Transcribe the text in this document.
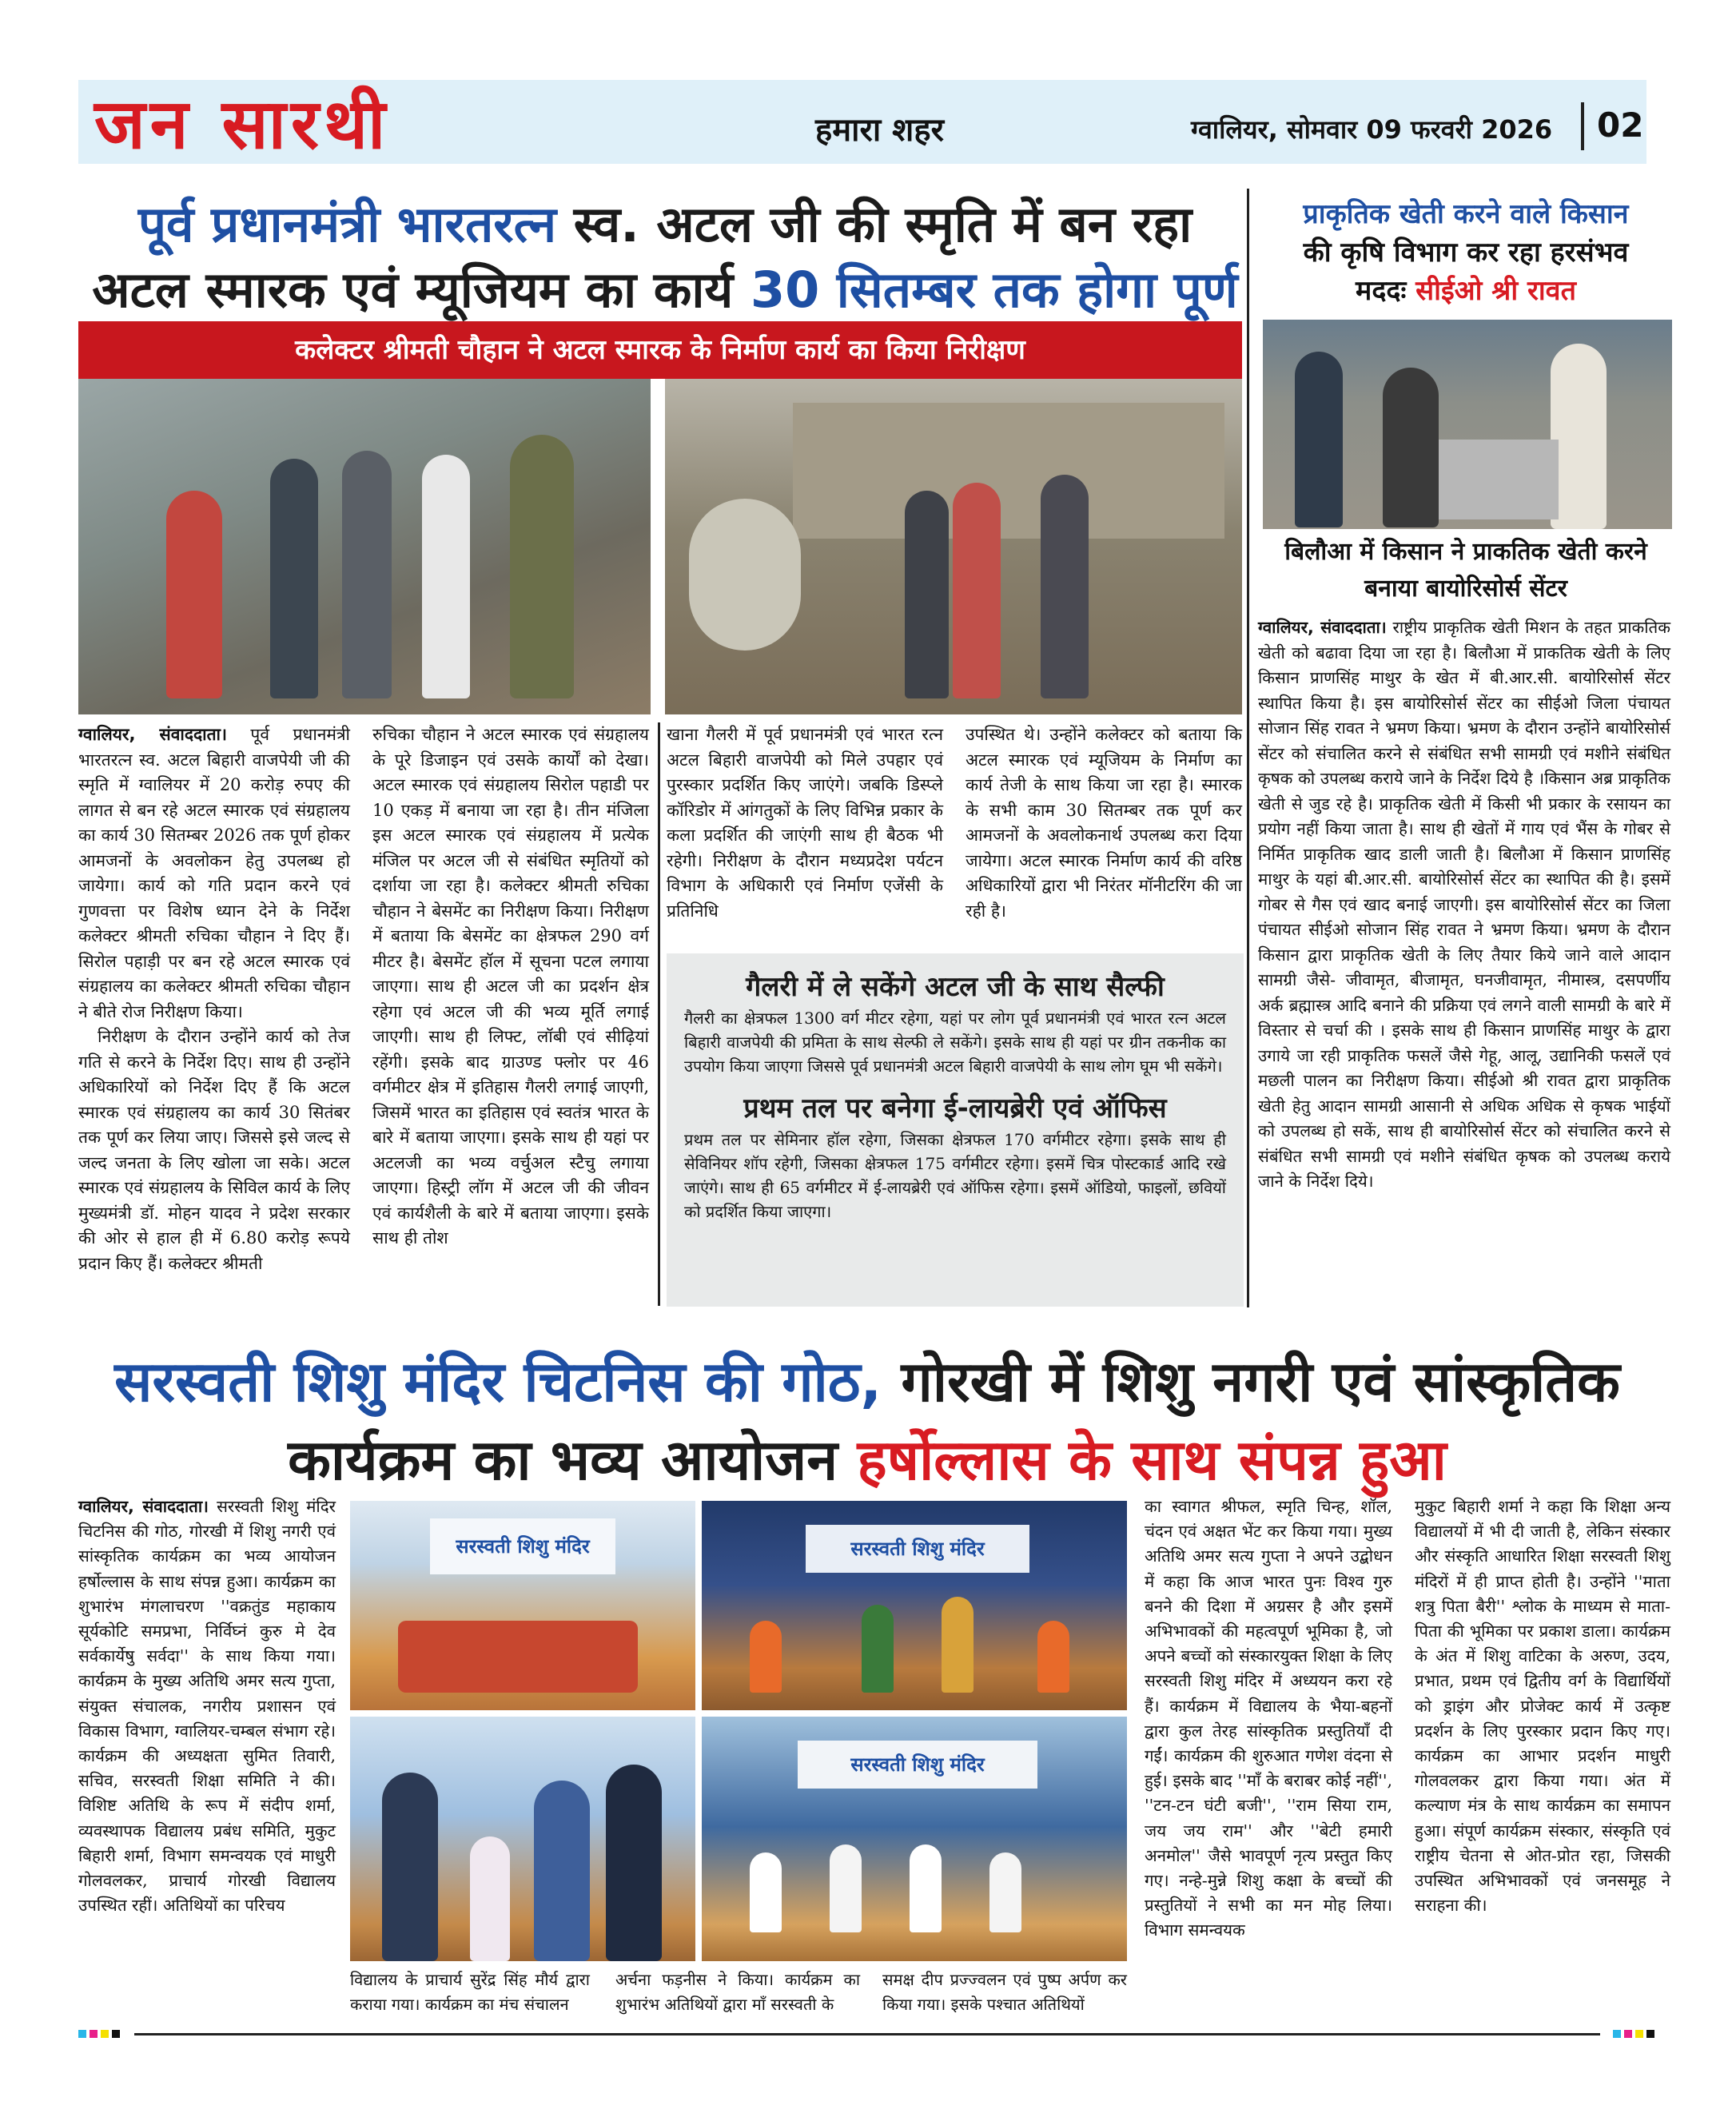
जन सारथी	हमारा शहर	ग्वालियर, सोमवार 09 फरवरी 2026 02
पूर्व प्रधानमंत्री भारतरत्न स्व. अटल जी की स्मृति में बन रहा अटल स्मारक एवं म्यूजियम का कार्य 30 सितम्बर तक होगा पूर्ण
कलेक्टर श्रीमती चौहान ने अटल स्मारक के निर्माण कार्य का किया निरीक्षण
ग्वालियर, संवाददाता। पूर्व प्रधानमंत्री भारतरत्न स्व. अटल बिहारी वाजपेयी जी की स्मृति में ग्वालियर में 20 करोड़ रुपए की लागत से बन रहे अटल स्मारक एवं संग्रहालय का कार्य 30 सितम्बर 2026 तक पूर्ण होकर आमजनों के अवलोकन हेतु उपलब्ध हो जायेगा। कार्य को गति प्रदान करने एवं गुणवत्ता पर विशेष ध्यान देने के निर्देश कलेक्टर श्रीमती रुचिका चौहान ने दिए हैं। सिरोल पहाड़ी पर बन रहे अटल स्मारक एवं संग्रहालय का कलेक्टर श्रीमती रुचिका चौहान ने बीते रोज निरीक्षण किया।
निरीक्षण के दौरान उन्होंने कार्य को तेज गति से करने के निर्देश दिए। साथ ही उन्होंने अधिकारियों को निर्देश दिए हैं कि अटल स्मारक एवं संग्रहालय का कार्य 30 सितंबर तक पूर्ण कर लिया जाए। जिससे इसे जल्द से जल्द जनता के लिए खोला जा सके। अटल स्मारक एवं संग्रहालय के सिविल कार्य के लिए मुख्यमंत्री डॉ. मोहन यादव ने प्रदेश सरकार की ओर से हाल ही में 6.80 करोड़ रूपये प्रदान किए हैं। कलेक्टर श्रीमती
रुचिका चौहान ने अटल स्मारक एवं संग्रहालय के पूरे डिजाइन एवं उसके कार्यों को देखा। अटल स्मारक एवं संग्रहालय सिरोल पहाडी पर 10 एकड़ में बनाया जा रहा है। तीन मंजिला इस अटल स्मारक एवं संग्रहालय में प्रत्येक मंजिल पर अटल जी से संबंधित स्मृतियों को दर्शाया जा रहा है। कलेक्टर श्रीमती रुचिका चौहान ने बेसमेंट का निरीक्षण किया। निरीक्षण में बताया कि बेसमेंट का क्षेत्रफल 290 वर्ग मीटर है। बेसमेंट हॉल में सूचना पटल लगाया जाएगा। साथ ही अटल जी का प्रदर्शन क्षेत्र रहेगा एवं अटल जी की भव्य मूर्ति लगाई जाएगी। साथ ही लिफ्ट, लॉबी एवं सीढ़ियां रहेंगी। इसके बाद ग्राउण्ड फ्लोर पर 46 वर्गमीटर क्षेत्र में इतिहास गैलरी लगाई जाएगी, जिसमें भारत का इतिहास एवं स्वतंत्र भारत के बारे में बताया जाएगा। इसके साथ ही यहां पर अटलजी का भव्य वर्चुअल स्टैचु लगाया जाएगा। हिस्ट्री लॉग में अटल जी की जीवन एवं कार्यशैली के बारे में बताया जाएगा। इसके साथ ही तोश
खाना गैलरी में पूर्व प्रधानमंत्री एवं भारत रत्न अटल बिहारी वाजपेयी को मिले उपहार एवं पुरस्कार प्रदर्शित किए जाएंगे। जबकि डिस्प्ले कॉरिडोर में आंगतुकों के लिए विभिन्न प्रकार के कला प्रदर्शित की जाएंगी साथ ही बैठक भी रहेगी। निरीक्षण के दौरान मध्यप्रदेश पर्यटन विभाग के अधिकारी एवं निर्माण एजेंसी के प्रतिनिधि
उपस्थित थे। उन्होंने कलेक्टर को बताया कि अटल स्मारक एवं म्यूजियम के निर्माण का कार्य तेजी के साथ किया जा रहा है। स्मारक के सभी काम 30 सितम्बर तक पूर्ण कर आमजनों के अवलोकनार्थ उपलब्ध करा दिया जायेगा। अटल स्मारक निर्माण कार्य की वरिष्ठ अधिकारियों द्वारा भी निरंतर मॉनीटरिंग की जा रही है।
गैलरी में ले सकेंगे अटल जी के साथ सैल्फी
गैलरी का क्षेत्रफल 1300 वर्ग मीटर रहेगा, यहां पर लोग पूर्व प्रधानमंत्री एवं भारत रत्न अटल बिहारी वाजपेयी की प्रमिता के साथ सेल्फी ले सकेंगे। इसके साथ ही यहां पर ग्रीन तकनीक का उपयोग किया जाएगा जिससे पूर्व प्रधानमंत्री अटल बिहारी वाजपेयी के साथ लोग घूम भी सकेंगे।
प्रथम तल पर बनेगा ई-लायब्रेरी एवं ऑफिस
प्रथम तल पर सेमिनार हॉल रहेगा, जिसका क्षेत्रफल 170 वर्गमीटर रहेगा। इसके साथ ही सेविनियर शॉप रहेगी, जिसका क्षेत्रफल 175 वर्गमीटर रहेगा। इसमें चित्र पोस्टकार्ड आदि रखे जाएंगे। साथ ही 65 वर्गमीटर में ई-लायब्रेरी एवं ऑफिस रहेगा। इसमें ऑडियो, फाइलों, छवियों को प्रदर्शित किया जाएगा।
प्राकृतिक खेती करने वाले किसान
की कृषि विभाग कर रहा हरसंभव
मददः सीईओ श्री रावत
बिलौआ में किसान ने प्राकतिक खेती करने बनाया बायोरिसोर्स सेंटर
ग्वालियर, संवाददाता। राष्ट्रीय प्राकृतिक खेती मिशन के तहत प्राकतिक खेती को बढावा दिया जा रहा है। बिलौआ में प्राकतिक खेती के लिए किसान प्राणसिंह माथुर के खेत में बी.आर.सी. बायोरिसोर्स सेंटर स्थापित किया है। इस बायोरिसोर्स सेंटर का सीईओ जिला पंचायत सोजान सिंह रावत ने भ्रमण किया। भ्रमण के दौरान उन्होंने बायोरिसोर्स सेंटर को संचालित करने से संबंधित सभी सामग्री एवं मशीने संबंधित कृषक को उपलब्ध कराये जाने के निर्देश दिये है ।किसान अब्र प्राकृतिक खेती से जुड रहे है। प्राकृतिक खेती में किसी भी प्रकार के रसायन का प्रयोग नहीं किया जाता है। साथ ही खेतों में गाय एवं भैंस के गोबर से निर्मित प्राकृतिक खाद डाली जाती है। बिलौआ में किसान प्राणसिंह माथुर के यहां बी.आर.सी. बायोरिसोर्स सेंटर का स्थापित की है। इसमें गोबर से गैस एवं खाद बनाई जाएगी। इस बायोरिसोर्स सेंटर का जिला पंचायत सीईओ सोजान सिंह रावत ने भ्रमण किया। भ्रमण के दौरान किसान द्वारा प्राकृतिक खेती के लिए तैयार किये जाने वाले आदान सामग्री जैसे- जीवामृत, बीजामृत, घनजीवामृत, नीमास्त्र, दसपर्णीय अर्क ब्रह्मास्त्र आदि बनाने की प्रक्रिया एवं लगने वाली सामग्री के बारे में विस्तार से चर्चा की । इसके साथ ही किसान प्राणसिंह माथुर के द्वारा उगाये जा रही प्राकृतिक फसलें जैसे गेहू, आलू, उद्यानिकी फसलें एवं मछली पालन का निरीक्षण किया। सीईओ श्री रावत द्वारा प्राकृतिक खेती हेतु आदान सामग्री आसानी से अधिक अधिक से कृषक भाईयों को उपलब्ध हो सकें, साथ ही बायोरिसोर्स सेंटर को संचालित करने से संबंधित सभी सामग्री एवं मशीने संबंधित कृषक को उपलब्ध कराये जाने के निर्देश दिये।
सरस्वती शिशु मंदिर चिटनिस की गोठ, गोरखी में शिशु नगरी एवं सांस्कृतिक कार्यक्रम का भव्य आयोजन हर्षोल्लास के साथ संपन्न हुआ
ग्वालियर, संवाददाता। सरस्वती शिशु मंदिर चिटनिस की गोठ, गोरखी में शिशु नगरी एवं सांस्कृतिक कार्यक्रम का भव्य आयोजन हर्षोल्लास के साथ संपन्न हुआ। कार्यक्रम का शुभारंभ मंगलाचरण ''वक्रतुंड महाकाय सूर्यकोटि समप्रभा, निर्विघ्नं कुरु मे देव सर्वकार्येषु सर्वदा'' के साथ किया गया। कार्यक्रम के मुख्य अतिथि अमर सत्य गुप्ता, संयुक्त संचालक, नगरीय प्रशासन एवं विकास विभाग, ग्वालियर-चम्बल संभाग रहे। कार्यक्रम की अध्यक्षता सुमित तिवारी, सचिव, सरस्वती शिक्षा समिति ने की। विशिष्ट अतिथि के रूप में संदीप शर्मा, व्यवस्थापक विद्यालय प्रबंध समिति, मुकुट बिहारी शर्मा, विभाग समन्वयक एवं माधुरी गोलवलकर, प्राचार्य गोरखी विद्यालय उपस्थित रहीं। अतिथियों का परिचय
सरस्वती शिशु मंदिर	सरस्वती शिशु मंदिर
सरस्वती शिशु मंदिर
विद्यालय के प्राचार्य सुरेंद्र सिंह मौर्य द्वारा कराया गया। कार्यक्रम का मंच संचालन
अर्चना फड़नीस ने किया। कार्यक्रम का शुभारंभ अतिथियों द्वारा माँ सरस्वती के
समक्ष दीप प्रज्ज्वलन एवं पुष्प अर्पण कर किया गया। इसके पश्चात अतिथियों
का स्वागत श्रीफल, स्मृति चिन्ह, शॉल, चंदन एवं अक्षत भेंट कर किया गया। मुख्य अतिथि अमर सत्य गुप्ता ने अपने उद्बोधन में कहा कि आज भारत पुनः विश्व गुरु बनने की दिशा में अग्रसर है और इसमें अभिभावकों की महत्वपूर्ण भूमिका है, जो अपने बच्चों को संस्कारयुक्त शिक्षा के लिए सरस्वती शिशु मंदिर में अध्ययन करा रहे हैं। कार्यक्रम में विद्यालय के भैया-बहनों द्वारा कुल तेरह सांस्कृतिक प्रस्तुतियाँ दी गईं। कार्यक्रम की शुरुआत गणेश वंदना से हुई। इसके बाद ''माँ के बराबर कोई नहीं'', ''टन-टन घंटी बजी'', ''राम सिया राम, जय जय राम'' और ''बेटी हमारी अनमोल'' जैसे भावपूर्ण नृत्य प्रस्तुत किए गए। नन्हे-मुन्ने शिशु कक्षा के बच्चों की प्रस्तुतियों ने सभी का मन मोह लिया। विभाग समन्वयक
मुकुट बिहारी शर्मा ने कहा कि शिक्षा अन्य विद्यालयों में भी दी जाती है, लेकिन संस्कार और संस्कृति आधारित शिक्षा सरस्वती शिशु मंदिरों में ही प्राप्त होती है। उन्होंने ''माता शत्रु पिता बैरी'' श्लोक के माध्यम से माता-पिता की भूमिका पर प्रकाश डाला। कार्यक्रम के अंत में शिशु वाटिका के अरुण, उदय, प्रभात, प्रथम एवं द्वितीय वर्ग के विद्यार्थियों को ड्राइंग और प्रोजेक्ट कार्य में उत्कृष्ट प्रदर्शन के लिए पुरस्कार प्रदान किए गए। कार्यक्रम का आभार प्रदर्शन माधुरी गोलवलकर द्वारा किया गया। अंत में कल्याण मंत्र के साथ कार्यक्रम का समापन हुआ। संपूर्ण कार्यक्रम संस्कार, संस्कृति एवं राष्ट्रीय चेतना से ओत-प्रोत रहा, जिसकी उपस्थित अभिभावकों एवं जनसमूह ने सराहना की।
